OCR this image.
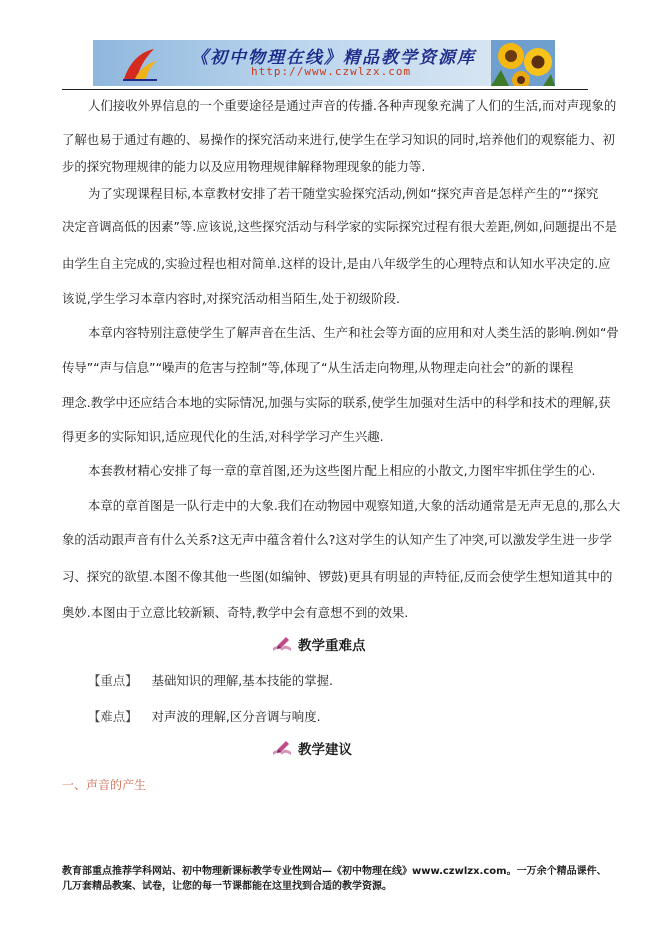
《初中物理在线》精品教学资源库
http://www.czwlzx.com
人们接收外界信息的一个重要途径是通过声音的传播.各种声现象充满了人们的生活,而对声现象的
了解也易于通过有趣的、易操作的探究活动来进行,使学生在学习知识的同时,培养他们的观察能力、初
步的探究物理规律的能力以及应用物理规律解释物理现象的能力等.
为了实现课程目标,本章教材安排了若干随堂实验探究活动,例如“探究声音是怎样产生的”“探究
决定音调高低的因素”等.应该说,这些探究活动与科学家的实际探究过程有很大差距,例如,问题提出不是
由学生自主完成的,实验过程也相对简单.这样的设计,是由八年级学生的心理特点和认知水平决定的.应
该说,学生学习本章内容时,对探究活动相当陌生,处于初级阶段.
本章内容特别注意使学生了解声音在生活、生产和社会等方面的应用和对人类生活的影响.例如“骨
传导”“声与信息”“噪声的危害与控制”等,体现了“从生活走向物理,从物理走向社会”的新的课程
理念.教学中还应结合本地的实际情况,加强与实际的联系,使学生加强对生活中的科学和技术的理解,获
得更多的实际知识,适应现代化的生活,对科学学习产生兴趣.
本套教材精心安排了每一章的章首图,还为这些图片配上相应的小散文,力图牢牢抓住学生的心.
本章的章首图是一队行走中的大象.我们在动物园中观察知道,大象的活动通常是无声无息的,那么大
象的活动跟声音有什么关系?这无声中蕴含着什么?这对学生的认知产生了冲突,可以激发学生进一步学
习、探究的欲望.本图不像其他一些图(如编钟、锣鼓)更具有明显的声特征,反而会使学生想知道其中的
奥妙.本图由于立意比较新颖、奇特,教学中会有意想不到的效果.
教学重难点
【重点】 基础知识的理解,基本技能的掌握.
【难点】 对声波的理解,区分音调与响度.
教学建议
一、声音的产生
教育部重点推荐学科网站、初中物理新课标教学专业性网站—《初中物理在线》www.czwlzx.com。一万余个精品课件、
几万套精品教案、试卷，让您的每一节课都能在这里找到合适的教学资源。
